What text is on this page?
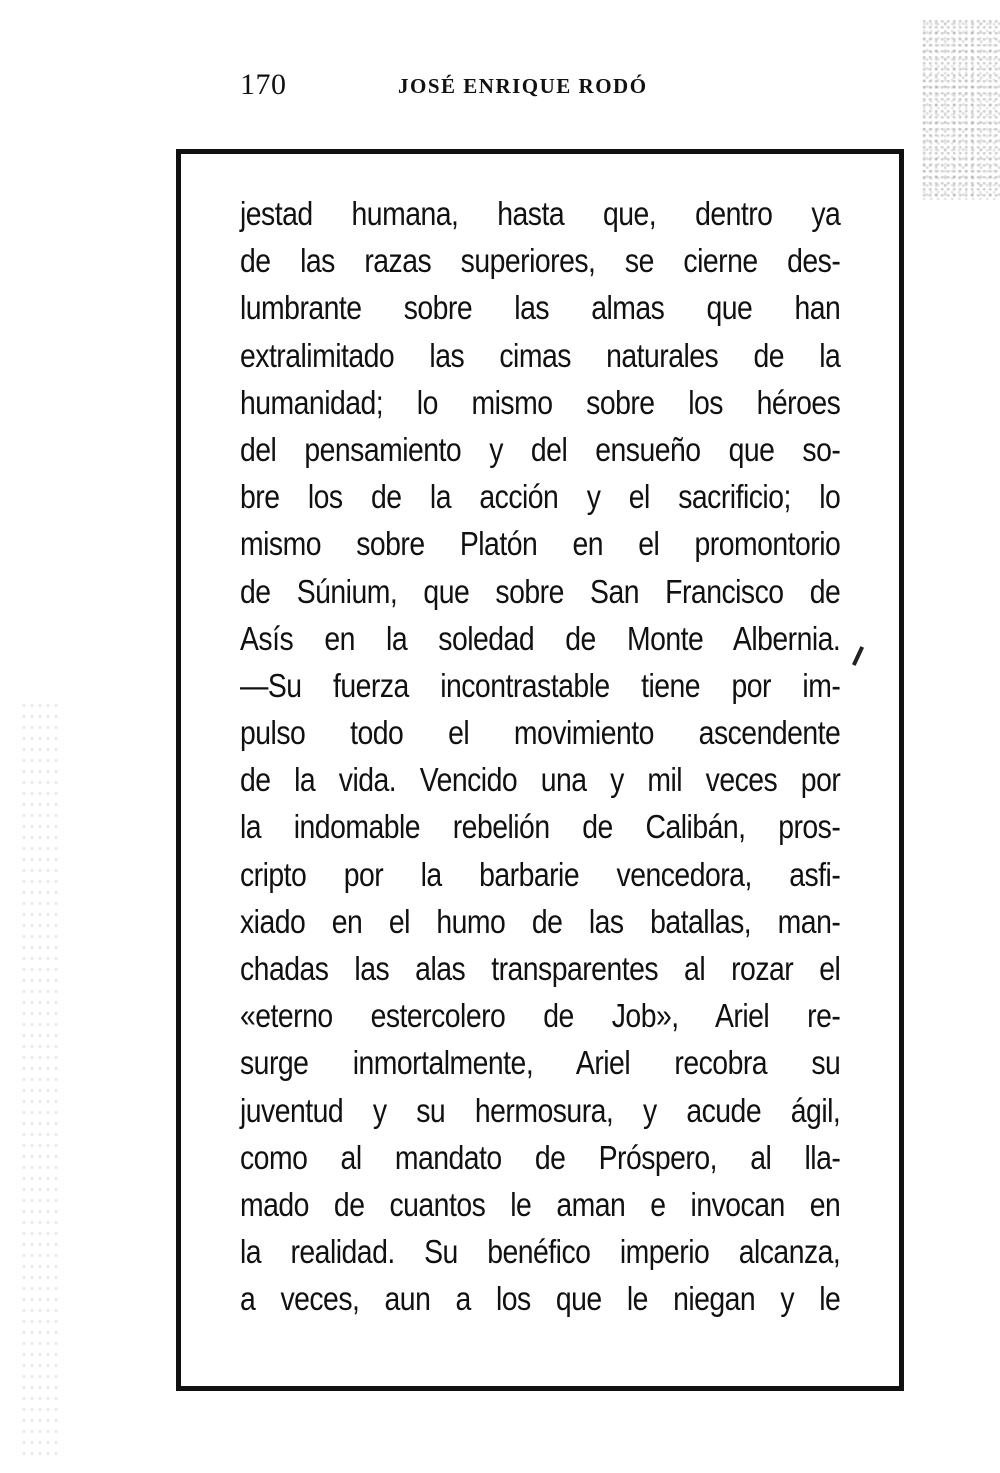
170	JOSÉ ENRIQUE RODÓ
jestad humana, hasta que, dentro ya
de las razas superiores, se cierne des-
lumbrante sobre las almas que han
extralimitado las cimas naturales de la
humanidad; lo mismo sobre los héroes
del pensamiento y del ensueño que so-
bre los de la acción y el sacrificio; lo
mismo sobre Platón en el promontorio
de Súnium, que sobre San Francisco de
Asís en la soledad de Monte Albernia.
—Su fuerza incontrastable tiene por im-
pulso todo el movimiento ascendente
de la vida. Vencido una y mil veces por
la indomable rebelión de Calibán, pros-
cripto por la barbarie vencedora, asfi-
xiado en el humo de las batallas, man-
chadas las alas transparentes al rozar el
«eterno estercolero de Job», Ariel re-
surge inmortalmente, Ariel recobra su
juventud y su hermosura, y acude ágil,
como al mandato de Próspero, al lla-
mado de cuantos le aman e invocan en
la realidad. Su benéfico imperio alcanza,
a veces, aun a los que le niegan y le
